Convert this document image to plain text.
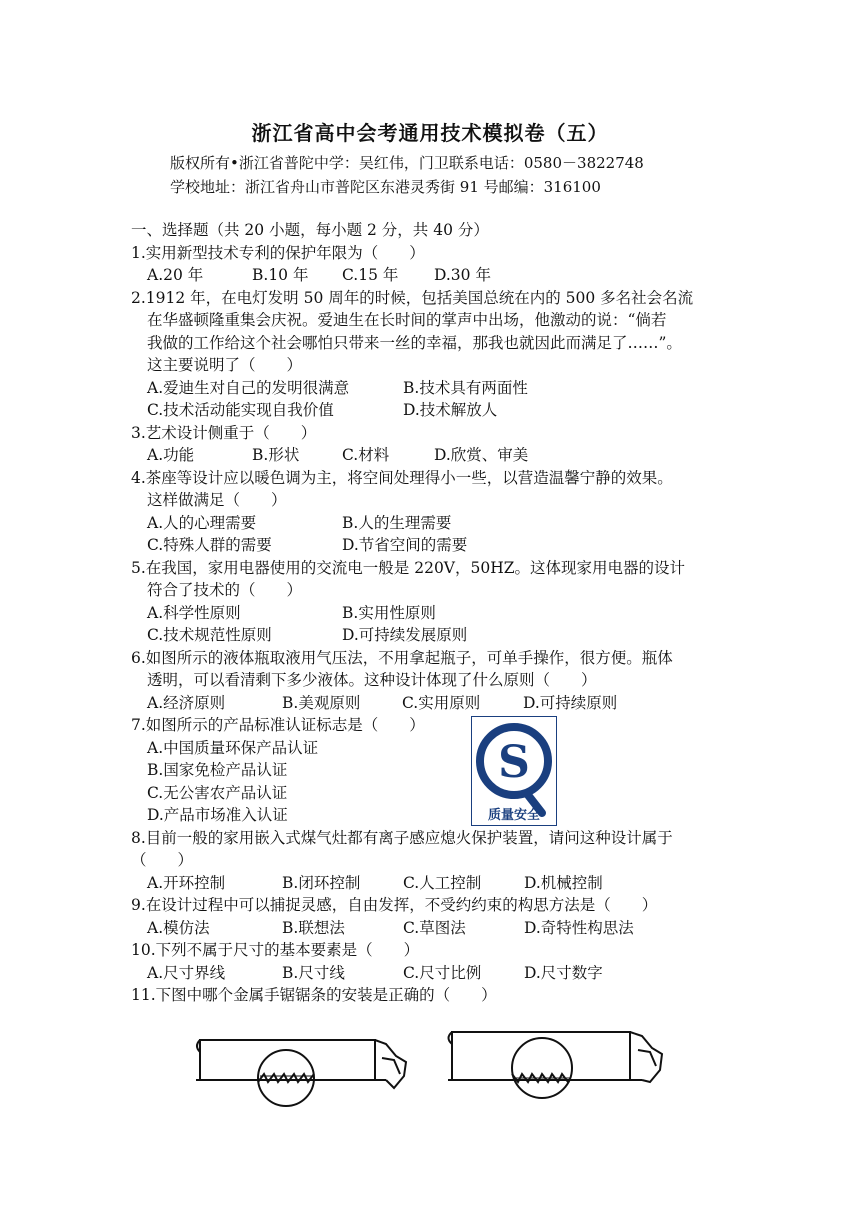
浙江省高中会考通用技术模拟卷（五）
版权所有•浙江省普陀中学：吴红伟，门卫联系电话：0580－3822748
学校地址：浙江省舟山市普陀区东港灵秀街 91 号邮编：316100
一、选择题（共 20 小题，每小题 2 分，共 40 分）
1.实用新型技术专利的保护年限为（　　）
A.20 年	B.10 年 C.15 年 D.30 年
2.1912 年，在电灯发明 50 周年的时候，包括美国总统在内的 500 多名社会名流
在华盛顿隆重集会庆祝。爱迪生在长时间的掌声中出场，他激动的说：“倘若
我做的工作给这个社会哪怕只带来一丝的幸福，那我也就因此而满足了……”。
这主要说明了（　　）
A.爱迪生对自己的发明很满意	B.技术具有两面性
C.技术活动能实现自我价值	D.技术解放人
3.艺术设计侧重于（　　）
A.功能	B.形状	C.材料	D.欣赏、审美
4.茶座等设计应以暖色调为主，将空间处理得小一些，以营造温馨宁静的效果。
这样做满足（　　）
A.人的心理需要	B.人的生理需要
C.特殊人群的需要	D.节省空间的需要
5.在我国，家用电器使用的交流电一般是 220V，50HZ。这体现家用电器的设计
符合了技术的（　　）
A.科学性原则	B.实用性原则
C.技术规范性原则	D.可持续发展原则
6.如图所示的液体瓶取液用气压法，不用拿起瓶子，可单手操作，很方便。瓶体
透明，可以看清剩下多少液体。这种设计体现了什么原则（　　）
A.经济原则	B.美观原则	C.实用原则	D.可持续原则
7.如图所示的产品标准认证标志是（　　）
A.中国质量环保产品认证
B.国家免检产品认证
C.无公害农产品认证
D.产品市场准入认证
S
质量安全
8.目前一般的家用嵌入式煤气灶都有离子感应熄火保护装置，请问这种设计属于
（　　）
A.开环控制	B.闭环控制	C.人工控制	D.机械控制
9.在设计过程中可以捕捉灵感，自由发挥，不受约约束的构思方法是（　　）
A.模仿法	B.联想法	C.草图法	D.奇特性构思法
10.下列不属于尺寸的基本要素是（　　）
A.尺寸界线	B.尺寸线	C.尺寸比例	D.尺寸数字
11.下图中哪个金属手锯锯条的安装是正确的（　　）
